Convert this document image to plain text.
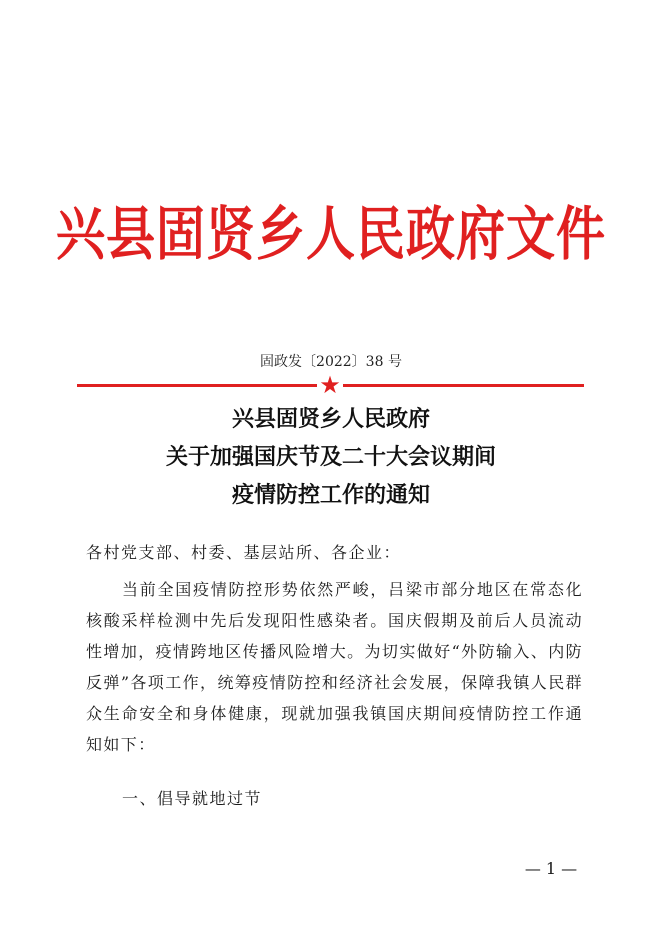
兴县固贤乡人民政府文件
固政发〔2022〕38 号
★
兴县固贤乡人民政府
关于加强国庆节及二十大会议期间
疫情防控工作的通知
各村党支部、村委、基层站所、各企业：

当前全国疫情防控形势依然严峻，吕梁市部分地区在常态化核酸采样检测中先后发现阳性感染者。国庆假期及前后人员流动性增加，疫情跨地区传播风险增大。为切实做好“外防输入、内防反弹”各项工作，统筹疫情防控和经济社会发展，保障我镇人民群众生命安全和身体健康，现就加强我镇国庆期间疫情防控工作通知如下：

一、倡导就地过节
— 1 —
